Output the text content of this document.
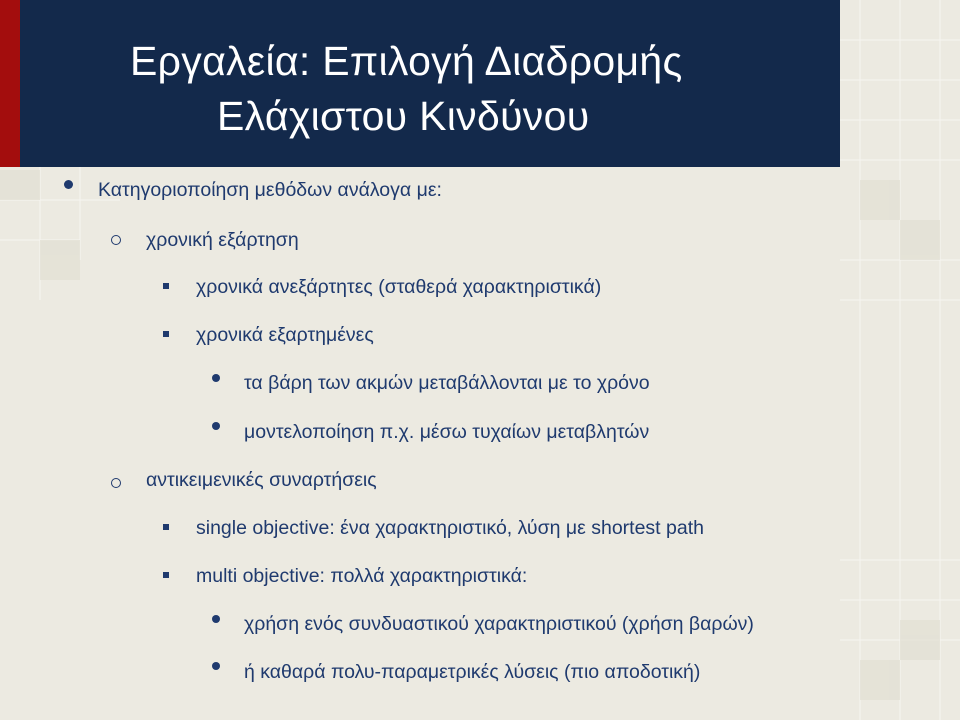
Εργαλεία: Επιλογή Διαδρομής
Ελάχιστου Κινδύνου
Κατηγοριοποίηση μεθόδων ανάλογα με:
χρονική εξάρτηση
χρονικά ανεξάρτητες (σταθερά χαρακτηριστικά)
χρονικά εξαρτημένες
τα βάρη των ακμών μεταβάλλονται με το χρόνο
μοντελοποίηση π.χ. μέσω τυχαίων μεταβλητών
αντικειμενικές συναρτήσεις
single objective: ένα χαρακτηριστικό, λύση με shortest path
multi objective: πολλά χαρακτηριστικά:
χρήση ενός συνδυαστικού χαρακτηριστικού (χρήση βαρών)
ή καθαρά πολυ-παραμετρικές λύσεις (πιο αποδοτική)
